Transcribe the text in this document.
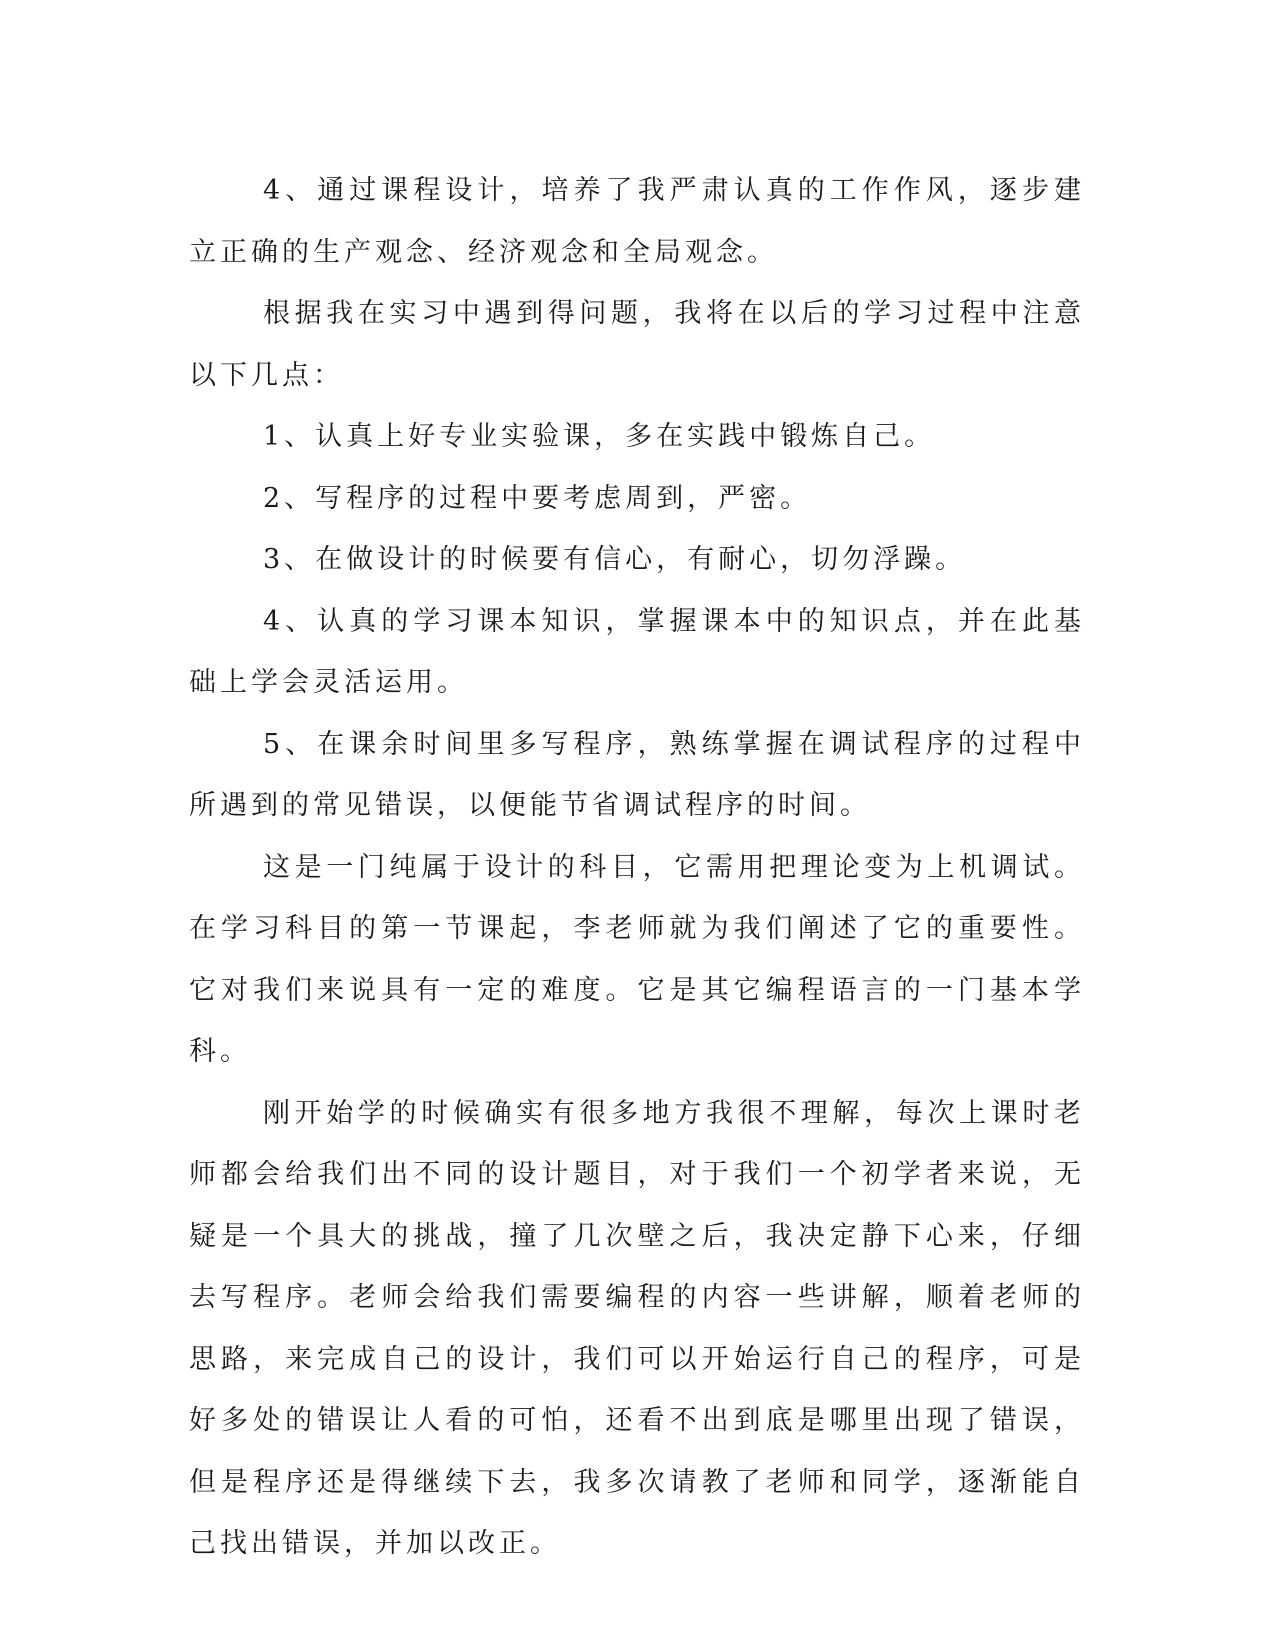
4、通过课程设计，培养了我严肃认真的工作作风，逐步建立正确的生产观念、经济观念和全局观念。

根据我在实习中遇到得问题，我将在以后的学习过程中注意以下几点：

1、认真上好专业实验课，多在实践中锻炼自己。

2、写程序的过程中要考虑周到，严密。

3、在做设计的时候要有信心，有耐心，切勿浮躁。

4、认真的学习课本知识，掌握课本中的知识点，并在此基础上学会灵活运用。

5、在课余时间里多写程序，熟练掌握在调试程序的过程中所遇到的常见错误，以便能节省调试程序的时间。

这是一门纯属于设计的科目，它需用把理论变为上机调试。在学习科目的第一节课起，李老师就为我们阐述了它的重要性。它对我们来说具有一定的难度。它是其它编程语言的一门基本学科。

刚开始学的时候确实有很多地方我很不理解，每次上课时老师都会给我们出不同的设计题目，对于我们一个初学者来说，无疑是一个具大的挑战，撞了几次壁之后，我决定静下心来，仔细去写程序。老师会给我们需要编程的内容一些讲解，顺着老师的思路，来完成自己的设计，我们可以开始运行自己的程序，可是好多处的错误让人看的可怕，还看不出到底是哪里出现了错误，但是程序还是得继续下去，我多次请教了老师和同学，逐渐能自己找出错误，并加以改正。
